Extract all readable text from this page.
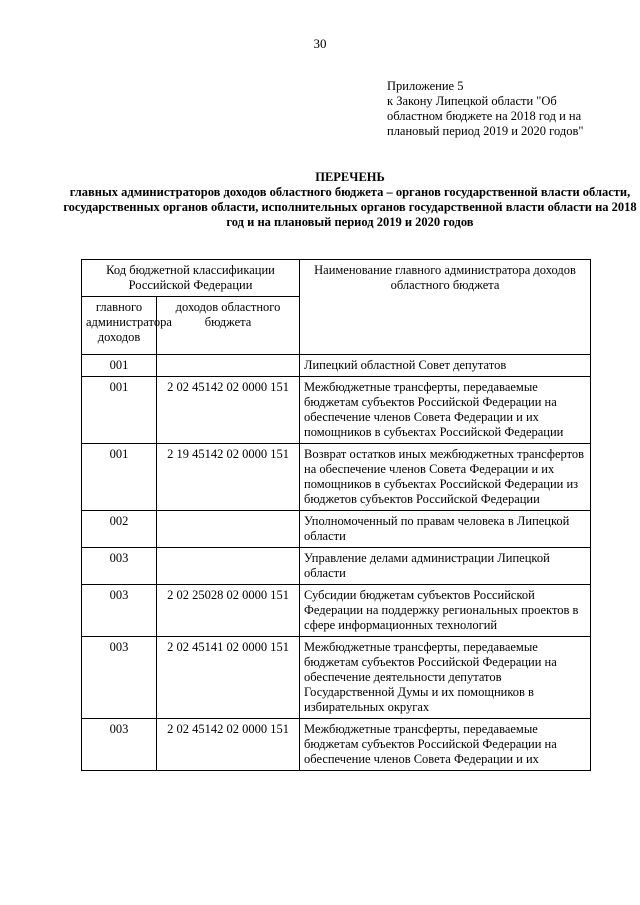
30
Приложение 5
к Закону Липецкой области "Об
областном бюджете на 2018 год и на
плановый период 2019 и 2020 годов"
ПЕРЕЧЕНЬ
главных администраторов доходов областного бюджета – органов государственной власти области, государственных органов области, исполнительных органов государственной власти области на 2018 год и на плановый период 2019 и 2020 годов
Код бюджетной классификации Российской Федерации		Наименование главного администратора доходов областного бюджета
главного администратора доходов	доходов областного бюджета	
001		Липецкий областной Совет депутатов
001	2 02 45142 02 0000 151	Межбюджетные трансферты, передаваемые бюджетам субъектов Российской Федерации на обеспечение членов Совета Федерации и их помощников в субъектах Российской Федерации
001	2 19 45142 02 0000 151	Возврат остатков иных межбюджетных трансфертов на обеспечение членов Совета Федерации и их помощников в субъектах Российской Федерации из бюджетов субъектов Российской Федерации
002		Уполномоченный по правам человека в Липецкой области
003		Управление делами администрации Липецкой области
003	2 02 25028 02 0000 151	Субсидии бюджетам субъектов Российской Федерации на поддержку региональных проектов в сфере информационных технологий
003	2 02 45141 02 0000 151	Межбюджетные трансферты, передаваемые бюджетам субъектов Российской Федерации на обеспечение деятельности депутатов Государственной Думы и их помощников в избирательных округах
003	2 02 45142 02 0000 151	Межбюджетные трансферты, передаваемые бюджетам субъектов Российской Федерации на обеспечение членов Совета Федерации и их
